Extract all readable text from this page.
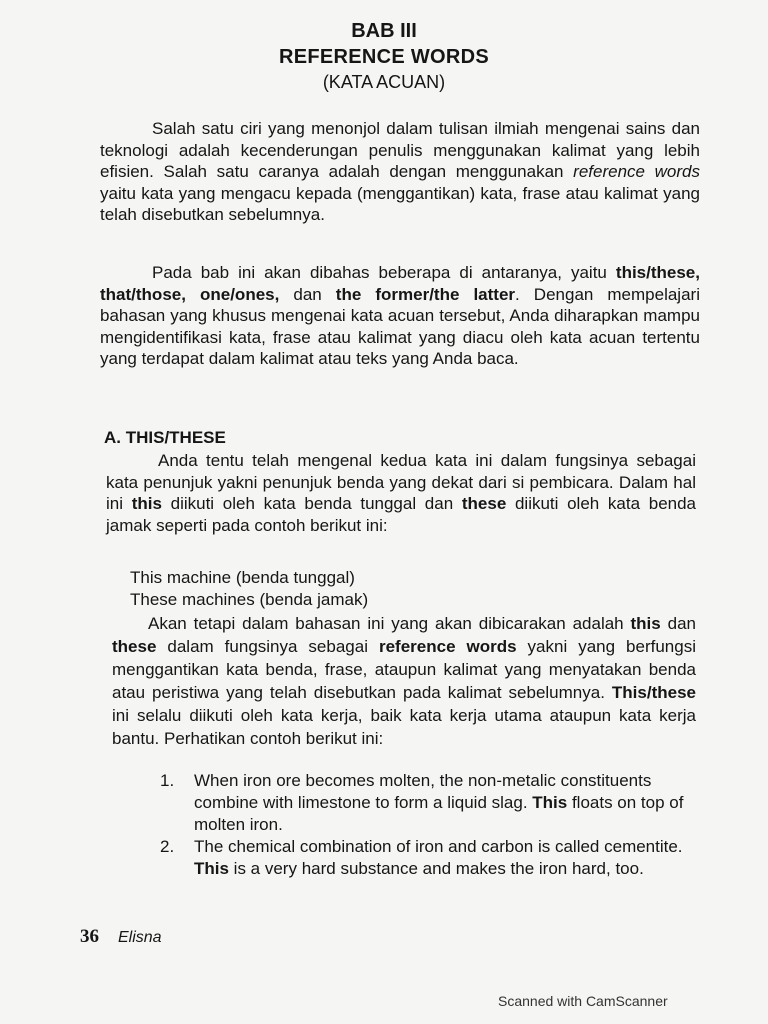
BAB III
REFERENCE WORDS
(KATA ACUAN)

Salah satu ciri yang menonjol dalam tulisan ilmiah mengenai sains dan teknologi adalah kecenderungan penulis menggunakan kalimat yang lebih efisien. Salah satu caranya adalah dengan menggunakan reference words yaitu kata yang mengacu kepada (menggantikan) kata, frase atau kalimat yang telah disebutkan sebelumnya.

Pada bab ini akan dibahas beberapa di antaranya, yaitu this/these, that/those, one/ones, dan the former/the latter. Dengan mempelajari bahasan yang khusus mengenai kata acuan tersebut, Anda diharapkan mampu mengidentifikasi kata, frase atau kalimat yang diacu oleh kata acuan tertentu yang terdapat dalam kalimat atau teks yang Anda baca.

A. THIS/THESE

Anda tentu telah mengenal kedua kata ini dalam fungsinya sebagai kata penunjuk yakni penunjuk benda yang dekat dari si pembicara. Dalam hal ini this diikuti oleh kata benda tunggal dan these diikuti oleh kata benda jamak seperti pada contoh berikut ini:

This machine (benda tunggal)
These machines (benda jamak)

Akan tetapi dalam bahasan ini yang akan dibicarakan adalah this dan these dalam fungsinya sebagai reference words yakni yang berfungsi menggantikan kata benda, frase, ataupun kalimat yang menyatakan benda atau peristiwa yang telah disebutkan pada kalimat sebelumnya. This/these ini selalu diikuti oleh kata kerja, baik kata kerja utama ataupun kata kerja bantu. Perhatikan contoh berikut ini:

1. When iron ore becomes molten, the non-metalic constituents combine with limestone to form a liquid slag. This floats on top of molten iron.
2. The chemical combination of iron and carbon is called cementite. This is a very hard substance and makes the iron hard, too.
36 Elisna
Scanned with CamScanner
